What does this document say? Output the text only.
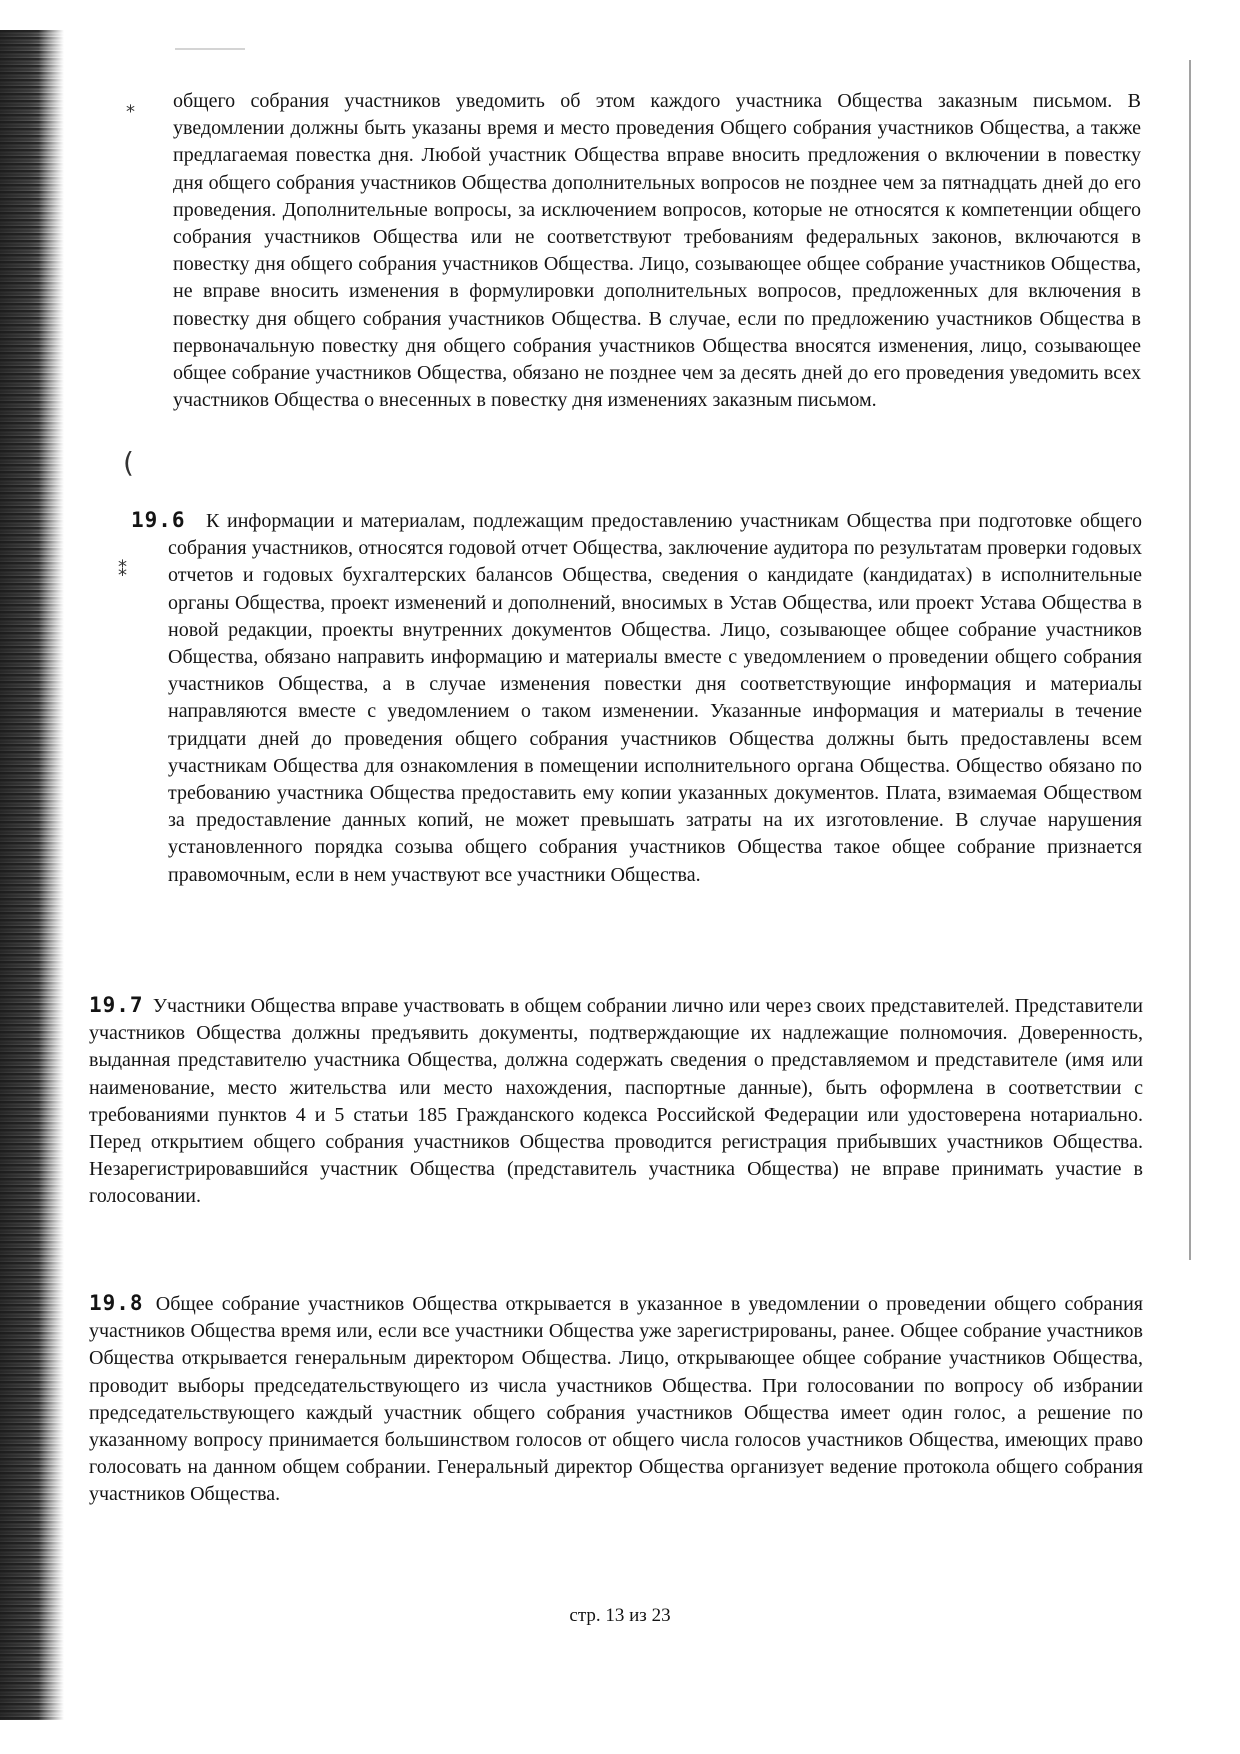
⁎
(
⁑
общего собрания участников уведомить об этом каждого участника Общества заказным письмом. В уведомлении должны быть указаны время и место проведения Общего собрания участников Общества, а также предлагаемая повестка дня. Любой участник Общества вправе вносить предложения о включении в повестку дня общего собрания участников Общества дополнительных вопросов не позднее чем за пятнадцать дней до его проведения. Дополнительные вопросы, за исключением вопросов, которые не относятся к компетенции общего собрания участников Общества или не соответствуют требованиям федеральных законов, включаются в повестку дня общего собрания участников Общества. Лицо, созывающее общее собрание участников Общества, не вправе вносить изменения в формулировки дополнительных вопросов, предложенных для включения в повестку дня общего собрания участников Общества. В случае, если по предложению участников Общества в первоначальную повестку дня общего собрания участников Общества вносятся изменения, лицо, созывающее общее собрание участников Общества, обязано не позднее чем за десять дней до его проведения уведомить всех участников Общества о внесенных в повестку дня изменениях заказным письмом.
19.6	К информации и материалам, подлежащим предоставлению участникам Общества при подготовке общего собрания участников, относятся годовой отчет Общества, заключение аудитора по результатам проверки годовых отчетов и годовых бухгалтерских балансов Общества, сведения о кандидате (кандидатах) в исполнительные органы Общества, проект изменений и дополнений, вносимых в Устав Общества, или проект Устава Общества в новой редакции, проекты внутренних документов Общества. Лицо, созывающее общее собрание участников Общества, обязано направить информацию и материалы вместе с уведомлением о проведении общего собрания участников Общества, а в случае изменения повестки дня соответствующие информация и материалы направляются вместе с уведомлением о таком изменении. Указанные информация и материалы в течение тридцати дней до проведения общего собрания участников Общества должны быть предоставлены всем участникам Общества для ознакомления в помещении исполнительного органа Общества. Общество обязано по требованию участника Общества предоставить ему копии указанных документов. Плата, взимаемая Обществом за предоставление данных копий, не может превышать затраты на их изготовление. В случае нарушения установленного порядка созыва общего собрания участников Общества такое общее собрание признается правомочным, если в нем участвуют все участники Общества.
19.7 Участники Общества вправе участвовать в общем собрании лично или через своих представителей. Представители участников Общества должны предъявить документы, подтверждающие их надлежащие полномочия. Доверенность, выданная представителю участника Общества, должна содержать сведения о представляемом и представителе (имя или наименование, место жительства или место нахождения, паспортные данные), быть оформлена в соответствии с требованиями пунктов 4 и 5 статьи 185 Гражданского кодекса Российской Федерации или удостоверена нотариально. Перед открытием общего собрания участников Общества проводится регистрация прибывших участников Общества. Незарегистрировавшийся участник Общества (представитель участника Общества) не вправе принимать участие в голосовании.
19.8 Общее собрание участников Общества открывается в указанное в уведомлении о проведении общего собрания участников Общества время или, если все участники Общества уже зарегистрированы, ранее. Общее собрание участников Общества открывается генеральным директором Общества. Лицо, открывающее общее собрание участников Общества, проводит выборы председательствующего из числа участников Общества. При голосовании по вопросу об избрании председательствующего каждый участник общего собрания участников Общества имеет один голос, а решение по указанному вопросу принимается большинством голосов от общего числа голосов участников Общества, имеющих право голосовать на данном общем собрании. Генеральный директор Общества организует ведение протокола общего собрания участников Общества.
стр. 13 из 23
